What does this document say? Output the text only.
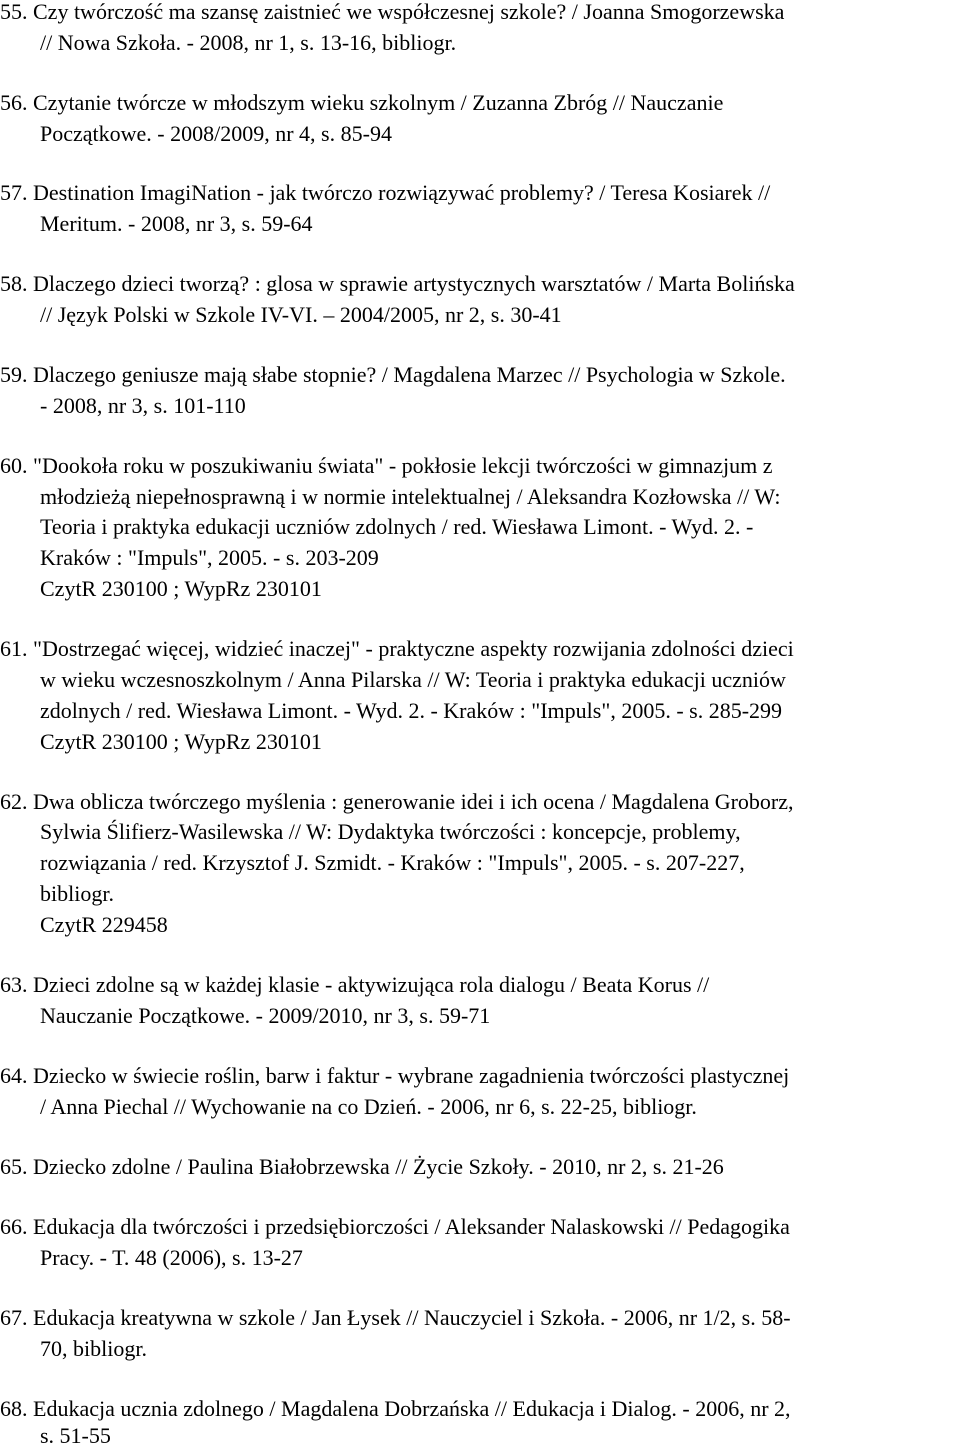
55. Czy twórczość ma szansę zaistnieć we współczesnej szkole? / Joanna Smogorzewska
// Nowa Szkoła. - 2008, nr 1, s. 13-16, bibliogr.
56. Czytanie twórcze w młodszym wieku szkolnym / Zuzanna Zbróg // Nauczanie
Początkowe. - 2008/2009, nr 4, s. 85-94
57. Destination ImagiNation - jak twórczo rozwiązywać problemy? / Teresa Kosiarek //
Meritum. - 2008, nr 3, s. 59-64
58. Dlaczego dzieci tworzą? : glosa w sprawie artystycznych warsztatów / Marta Bolińska
// Język Polski w Szkole IV-VI. – 2004/2005, nr 2, s. 30-41
59. Dlaczego geniusze mają słabe stopnie? / Magdalena Marzec // Psychologia w Szkole.
- 2008, nr 3, s. 101-110
60. "Dookoła roku w poszukiwaniu świata" - pokłosie lekcji twórczości w gimnazjum z
młodzieżą niepełnosprawną i w normie intelektualnej / Aleksandra Kozłowska // W:
Teoria i praktyka edukacji uczniów zdolnych / red. Wiesława Limont. - Wyd. 2. -
Kraków : "Impuls", 2005. - s. 203-209
CzytR 230100 ; WypRz 230101
61. "Dostrzegać więcej, widzieć inaczej" - praktyczne aspekty rozwijania zdolności dzieci
w wieku wczesnoszkolnym / Anna Pilarska // W: Teoria i praktyka edukacji uczniów
zdolnych / red. Wiesława Limont. - Wyd. 2. - Kraków : "Impuls", 2005. - s. 285-299
CzytR 230100 ; WypRz 230101
62. Dwa oblicza twórczego myślenia : generowanie idei i ich ocena / Magdalena Groborz,
Sylwia Ślifierz-Wasilewska // W: Dydaktyka twórczości : koncepcje, problemy,
rozwiązania / red. Krzysztof J. Szmidt. - Kraków : "Impuls", 2005. - s. 207-227,
bibliogr.
CzytR 229458
63. Dzieci zdolne są w każdej klasie - aktywizująca rola dialogu / Beata Korus //
Nauczanie Początkowe. - 2009/2010, nr 3, s. 59-71
64. Dziecko w świecie roślin, barw i faktur - wybrane zagadnienia twórczości plastycznej
/ Anna Piechal // Wychowanie na co Dzień. - 2006, nr 6, s. 22-25, bibliogr.
65. Dziecko zdolne / Paulina Białobrzewska // Życie Szkoły. - 2010, nr 2, s. 21-26
66. Edukacja dla twórczości i przedsiębiorczości / Aleksander Nalaskowski // Pedagogika
Pracy. - T. 48 (2006), s. 13-27
67. Edukacja kreatywna w szkole / Jan Łysek // Nauczyciel i Szkoła. - 2006, nr 1/2, s. 58-
70, bibliogr.
68. Edukacja ucznia zdolnego / Magdalena Dobrzańska // Edukacja i Dialog. - 2006, nr 2,
s. 51-55
